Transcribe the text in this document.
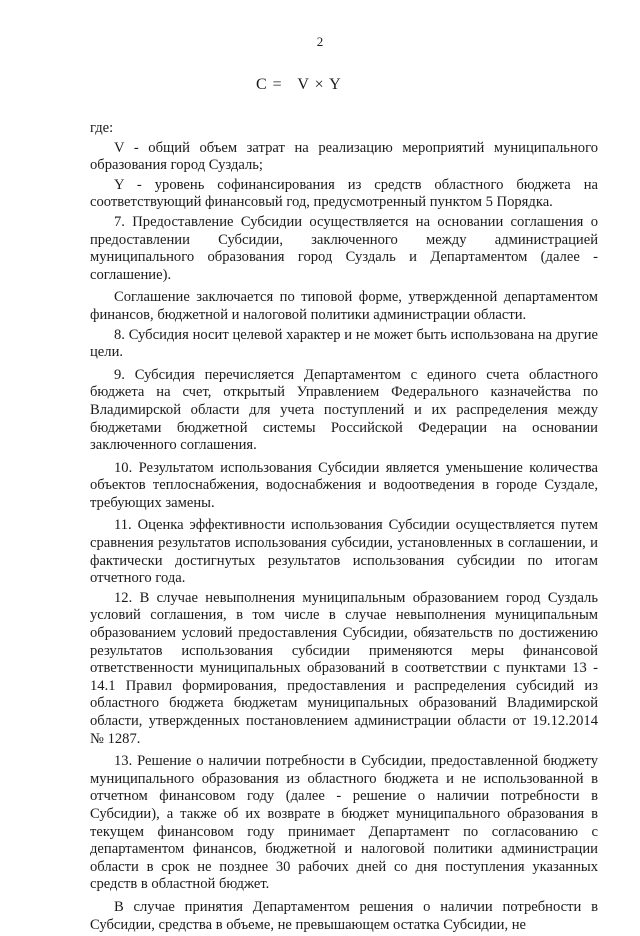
2
C =   V × Y

где:

V - общий объем затрат на реализацию мероприятий муниципального образования город Суздаль;

Y - уровень софинансирования из средств областного бюджета на соответствующий финансовый год, предусмотренный пунктом 5 Порядка.

7. Предоставление Субсидии осуществляется на основании соглашения о предоставлении Субсидии, заключенного между администрацией муниципального образования город Суздаль и Департаментом (далее - соглашение).

Соглашение заключается по типовой форме, утвержденной департаментом финансов, бюджетной и налоговой политики администрации области.

8. Субсидия носит целевой характер и не может быть использована на другие цели.

9. Субсидия перечисляется Департаментом с единого счета областного бюджета на счет, открытый Управлением Федерального казначейства по Владимирской области для учета поступлений и их распределения между бюджетами бюджетной системы Российской Федерации на основании заключенного соглашения.

10. Результатом использования Субсидии является уменьшение количества объектов теплоснабжения, водоснабжения и водоотведения в городе Суздале, требующих замены.

11. Оценка эффективности использования Субсидии осуществляется путем сравнения результатов использования субсидии, установленных в соглашении, и фактически достигнутых результатов использования субсидии по итогам отчетного года.

12. В случае невыполнения муниципальным образованием город Суздаль условий соглашения, в том числе в случае невыполнения муниципальным образованием условий предоставления Субсидии, обязательств по достижению результатов использования субсидии применяются меры финансовой ответственности муниципальных образований в соответствии с пунктами 13 - 14.1 Правил формирования, предоставления и распределения субсидий из областного бюджета бюджетам муниципальных образований Владимирской области, утвержденных постановлением администрации области от 19.12.2014 № 1287.

13. Решение о наличии потребности в Субсидии, предоставленной бюджету муниципального образования из областного бюджета и не использованной в отчетном финансовом году (далее - решение о наличии потребности в Субсидии), а также об их возврате в бюджет муниципального образования в текущем финансовом году принимает Департамент по согласованию с департаментом финансов, бюджетной и налоговой политики администрации области в срок не позднее 30 рабочих дней со дня поступления указанных средств в областной бюджет.

В случае принятия Департаментом решения о наличии потребности в Субсидии, средства в объеме, не превышающем остатка Субсидии, не
